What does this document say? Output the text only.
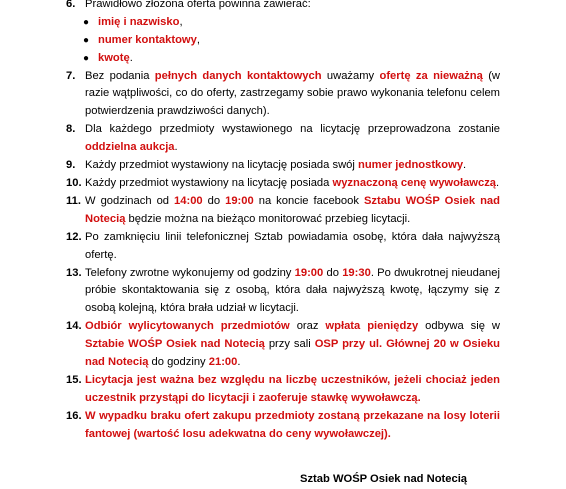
6. Prawidłowo złożona oferta powinna zawierać:
● imię i nazwisko,
● numer kontaktowy,
● kwotę.
7. Bez podania pełnych danych kontaktowych uważamy ofertę za nieważną (w razie wątpliwości, co do oferty, zastrzegamy sobie prawo wykonania telefonu celem potwierdzenia prawdziwości danych).
8. Dla każdego przedmioty wystawionego na licytację przeprowadzona zostanie oddzielna aukcja.
9. Każdy przedmiot wystawiony na licytację posiada swój numer jednostkowy.
10. Każdy przedmiot wystawiony na licytację posiada wyznaczoną cenę wywoławczą.
11. W godzinach od 14:00 do 19:00 na koncie facebook Sztabu WOŚP Osiek nad Notecią będzie można na bieżąco monitorować przebieg licytacji.
12. Po zamknięciu linii telefonicznej Sztab powiadamia osobę, która dała najwyższą ofertę.
13. Telefony zwrotne wykonujemy od godziny 19:00 do 19:30. Po dwukrotnej nieudanej próbie skontaktowania się z osobą, która dała najwyższą kwotę, łączymy się z osobą kolejną, która brała udział w licytacji.
14. Odbiór wylicytowanych przedmiotów oraz wpłata pieniędzy odbywa się w Sztabie WOŚP Osiek nad Notecią przy sali OSP przy ul. Głównej 20 w Osieku nad Notecią do godziny 21:00.
15. Licytacja jest ważna bez względu na liczbę uczestników, jeżeli chociaż jeden uczestnik przystąpi do licytacji i zaoferuje stawkę wywoławczą.
16. W wypadku braku ofert zakupu przedmioty zostaną przekazane na losy loterii fantowej (wartość losu adekwatna do ceny wywoławczej).
Sztab WOŚP Osiek nad Notecią
